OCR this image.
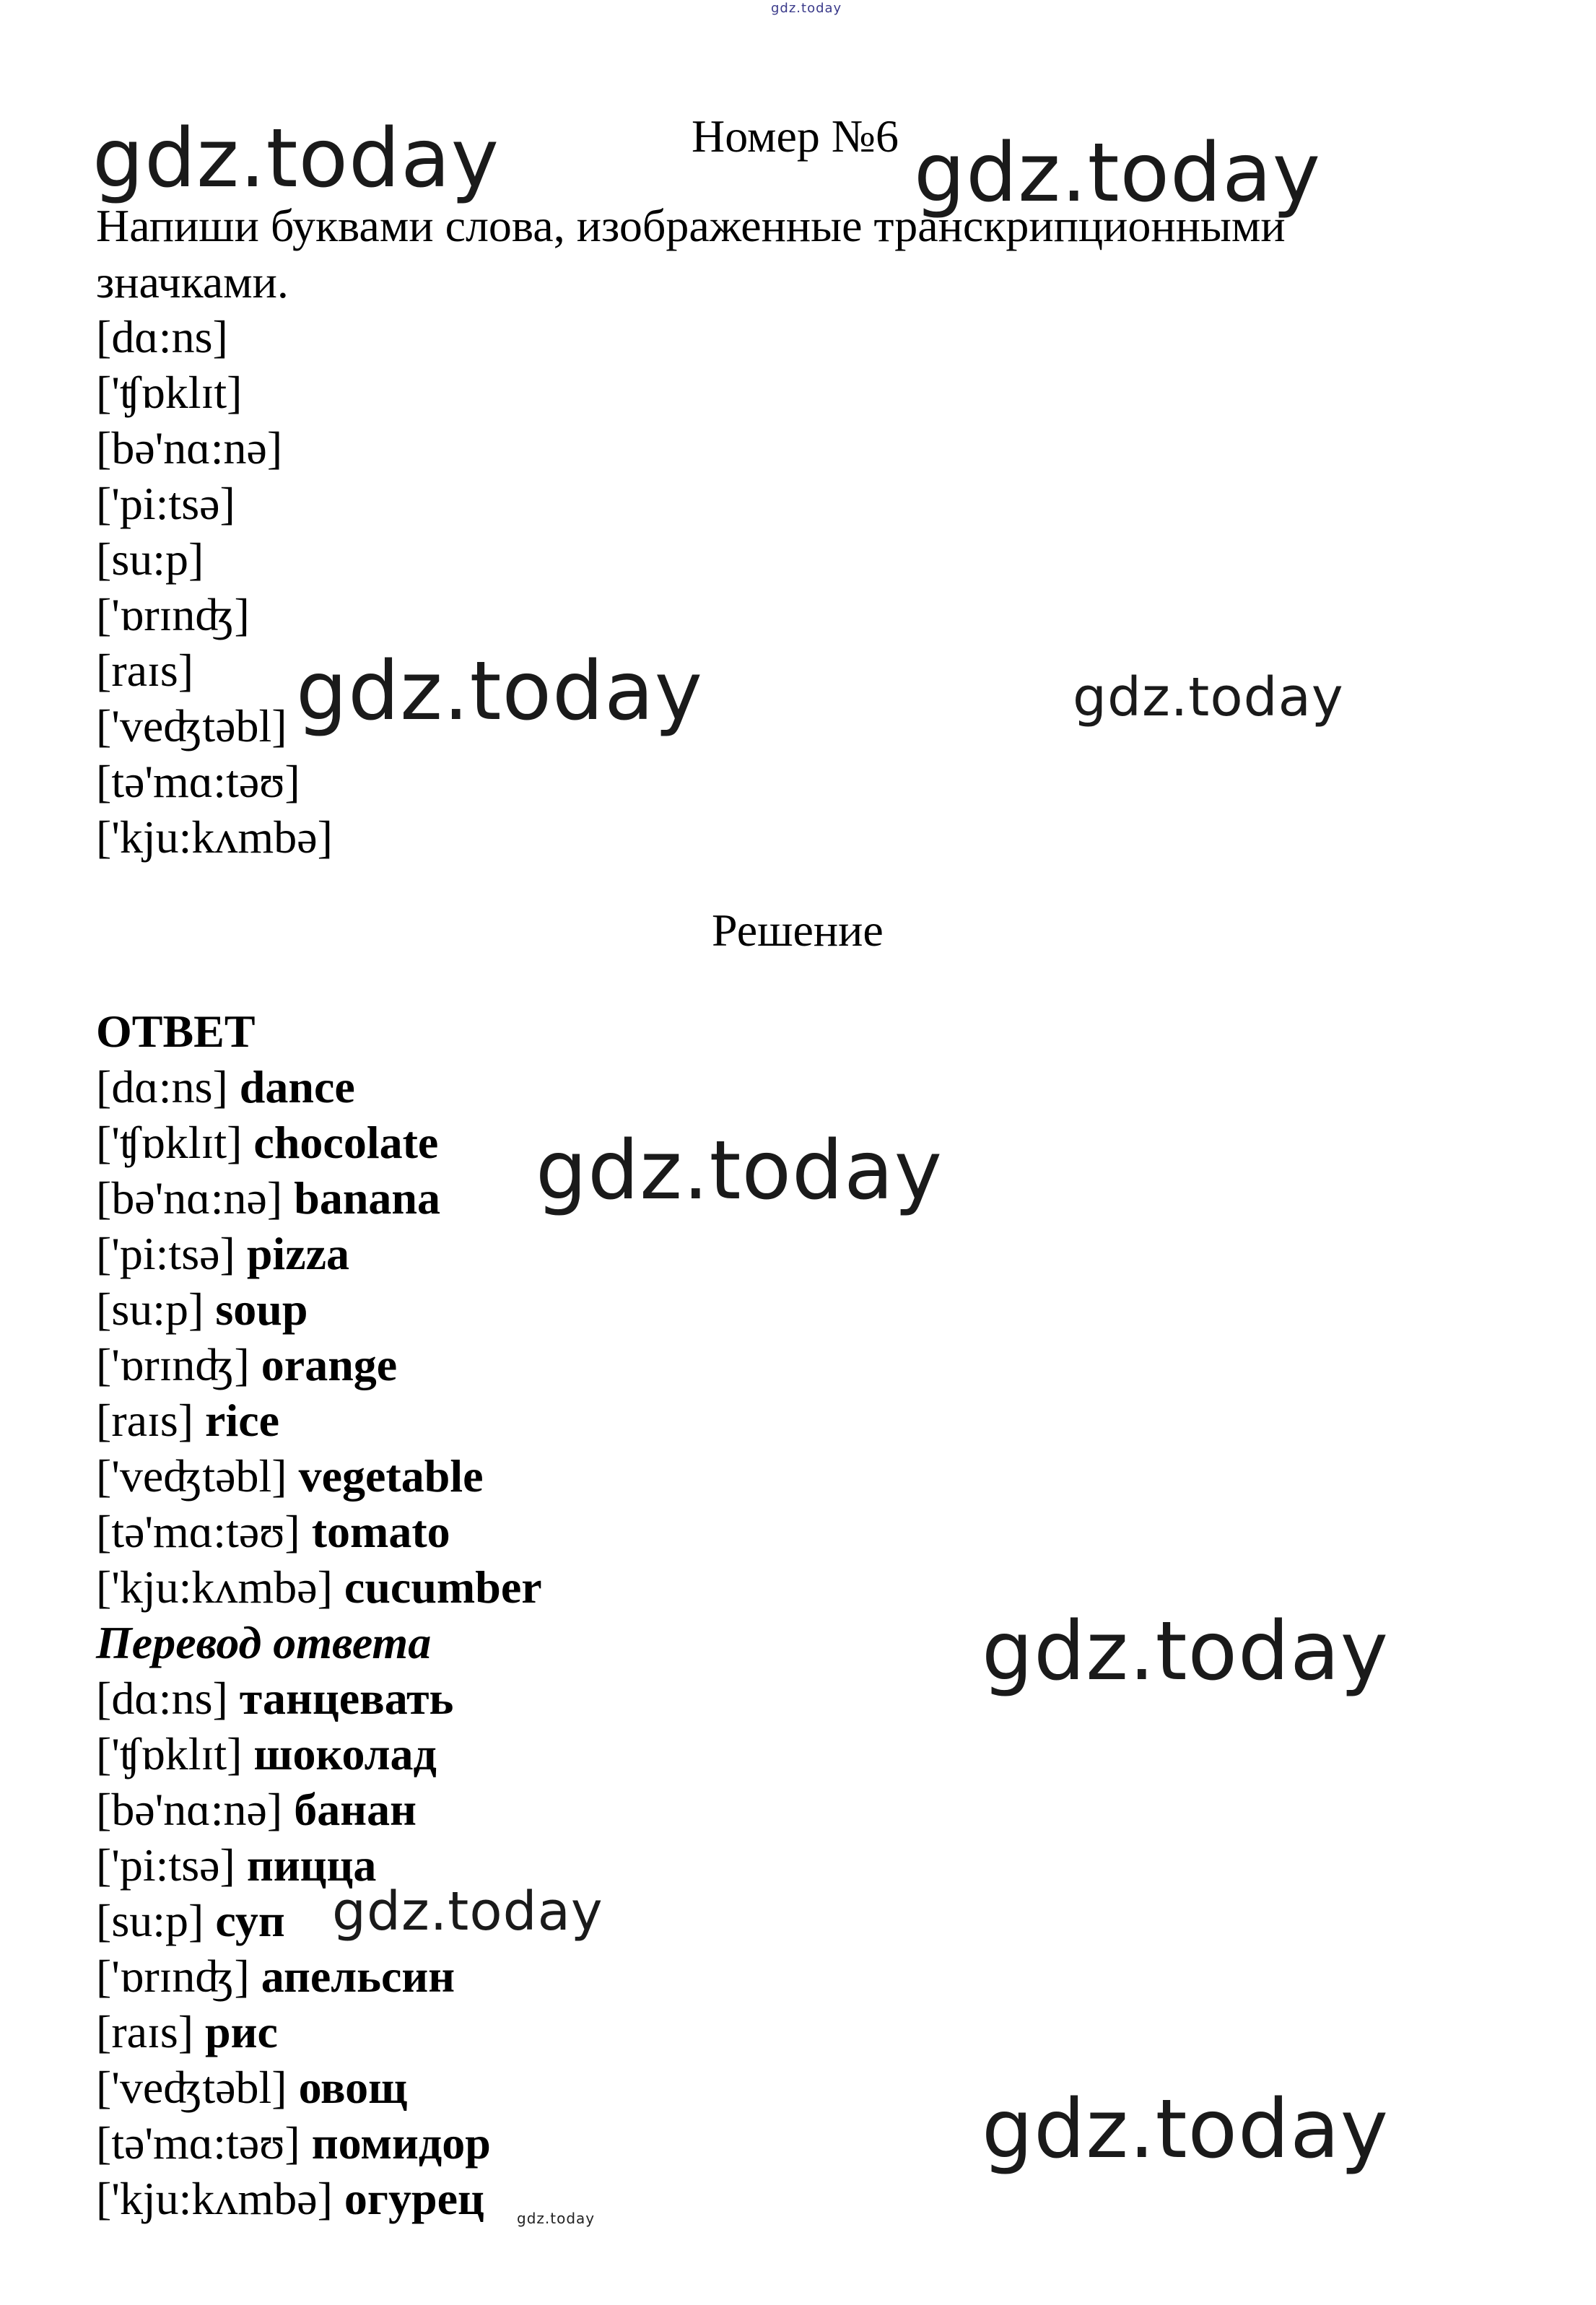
gdz.today
gdz.today	gdz.today
gdz.today	gdz.today
gdz.today
gdz.today
gdz.today
gdz.today
gdz.today
Номер №6
Напиши буквами слова, изображенные транскрипционными
значками.
[dɑ:ns]
['ʧɒklɪt]
[bə'nɑ:nə]
['pi:tsə]
[su:p]
['ɒrɪnʤ]
[raɪs]
['veʤtəbl]
[tə'mɑ:təʊ]
['kju:kʌmbə]
Решение
ОТВЕТ
[dɑ:ns] dance
['ʧɒklɪt] chocolate
[bə'nɑ:nə] banana
['pi:tsə] pizza
[su:p] soup
['ɒrɪnʤ] orange
[raɪs] rice
['veʤtəbl] vegetable
[tə'mɑ:təʊ] tomato
['kju:kʌmbə] cucumber
Перевод ответа
[dɑ:ns] танцевать
['ʧɒklɪt] шоколад
[bə'nɑ:nə] банан
['pi:tsə] пицца
[su:p] суп
['ɒrɪnʤ] апельсин
[raɪs] рис
['veʤtəbl] овощ
[tə'mɑ:təʊ] помидор
['kju:kʌmbə] огурец
